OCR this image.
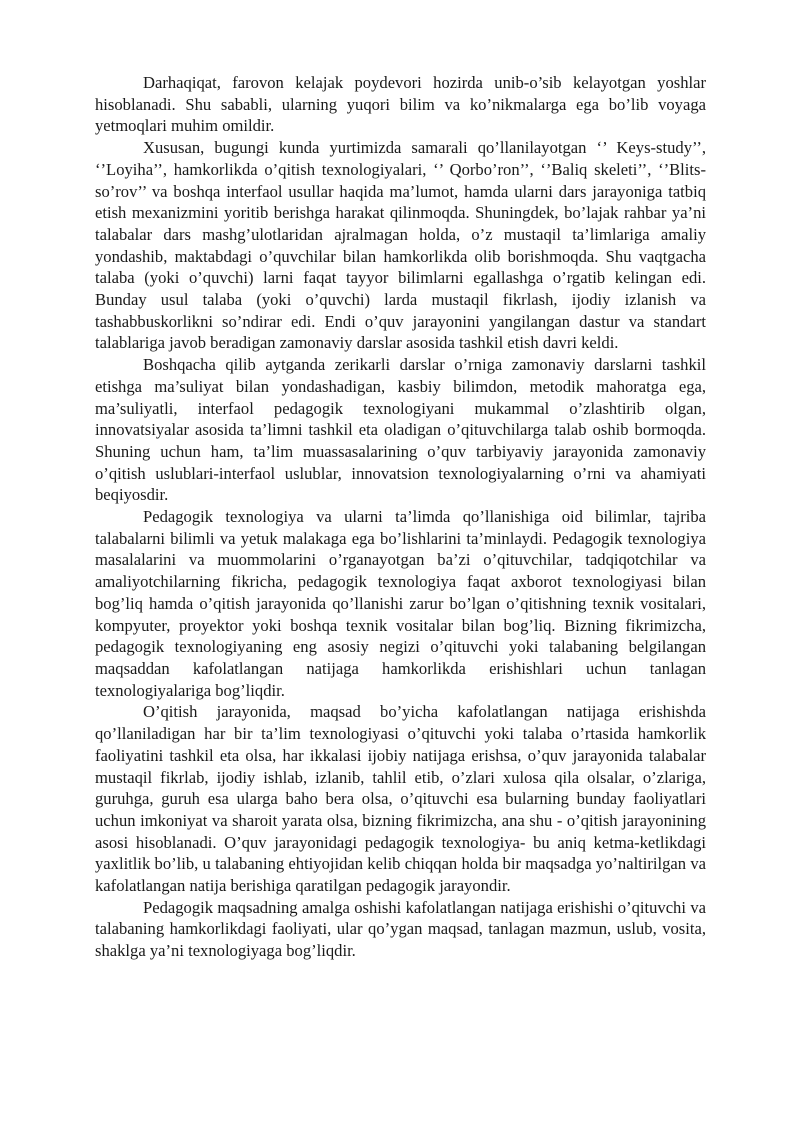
Darhaqiqat, farovon kelajak poydevori hozirda unib-o’sib kelayotgan yoshlar hisoblanadi. Shu sababli, ularning yuqori bilim va ko’nikmalarga ega bo’lib voyaga yetmoqlari muhim omildir.

Xususan, bugungi kunda yurtimizda samarali qo’llanilayotgan ‘’ Keys-study’’, ‘’Loyiha’’, hamkorlikda o’qitish texnologiyalari, ‘’ Qorbo’ron’’, ‘’Baliq skeleti’’, ‘’Blits-so’rov’’ va boshqa interfaol usullar haqida ma’lumot, hamda ularni dars jarayoniga tatbiq etish mexanizmini yoritib berishga harakat qilinmoqda. Shuningdek, bo’lajak rahbar ya’ni talabalar dars mashg’ulotlaridan ajralmagan holda, o’z mustaqil ta’limlariga amaliy yondashib, maktabdagi o’quvchilar bilan hamkorlikda olib borishmoqda. Shu vaqtgacha talaba (yoki o’quvchi) larni faqat tayyor bilimlarni egallashga o’rgatib kelingan edi. Bunday usul talaba (yoki o’quvchi) larda mustaqil fikrlash, ijodiy izlanish va tashabbuskorlikni so’ndirar edi. Endi o’quv jarayonini yangilangan dastur va standart talablariga javob beradigan zamonaviy darslar asosida tashkil etish davri keldi.

Boshqacha qilib aytganda zerikarli darslar o’rniga zamonaviy darslarni tashkil etishga ma’suliyat bilan yondashadigan, kasbiy bilimdon, metodik mahoratga ega, ma’suliyatli, interfaol pedagogik texnologiyani mukammal o’zlashtirib olgan, innovatsiyalar asosida ta’limni tashkil eta oladigan o’qituvchilarga talab oshib bormoqda. Shuning uchun ham, ta’lim muassasalarining o’quv tarbiyaviy jarayonida zamonaviy o’qitish uslublari-interfaol uslublar, innovatsion texnologiyalarning o’rni va ahamiyati beqiyosdir.

Pedagogik texnologiya va ularni ta’limda qo’llanishiga oid bilimlar, tajriba talabalarni bilimli va yetuk malakaga ega bo’lishlarini ta’minlaydi. Pedagogik texnologiya masalalarini va muommolarini o’rganayotgan ba’zi o’qituvchilar, tadqiqotchilar va amaliyotchilarning fikricha, pedagogik texnologiya faqat axborot texnologiyasi bilan bog’liq hamda o’qitish jarayonida qo’llanishi zarur bo’lgan o’qitishning texnik vositalari, kompyuter, proyektor yoki boshqa texnik vositalar bilan bog’liq. Bizning fikrimizcha, pedagogik texnologiyaning eng asosiy negizi o’qituvchi yoki talabaning belgilangan maqsaddan kafolatlangan natijaga hamkorlikda erishishlari uchun tanlagan texnologiyalariga bog’liqdir.

O’qitish jarayonida, maqsad bo’yicha kafolatlangan natijaga erishishda qo’llaniladigan har bir ta’lim texnologiyasi o’qituvchi yoki talaba o’rtasida hamkorlik faoliyatini tashkil eta olsa, har ikkalasi ijobiy natijaga erishsa, o’quv jarayonida talabalar mustaqil fikrlab, ijodiy ishlab, izlanib, tahlil etib, o’zlari xulosa qila olsalar, o’zlariga, guruhga, guruh esa ularga baho bera olsa, o’qituvchi esa bularning bunday faoliyatlari uchun imkoniyat va sharoit yarata olsa, bizning fikrimizcha, ana shu - o’qitish jarayonining asosi hisoblanadi. O’quv jarayonidagi pedagogik texnologiya- bu aniq ketma-ketlikdagi yaxlitlik bo’lib, u talabaning ehtiyojidan kelib chiqqan holda bir maqsadga yo’naltirilgan va kafolatlangan natija berishiga qaratilgan pedagogik jarayondir.

Pedagogik maqsadning amalga oshishi kafolatlangan natijaga erishishi o’qituvchi va talabaning hamkorlikdagi faoliyati, ular qo’ygan maqsad, tanlagan mazmun, uslub, vosita, shaklga ya’ni texnologiyaga bog’liqdir.
